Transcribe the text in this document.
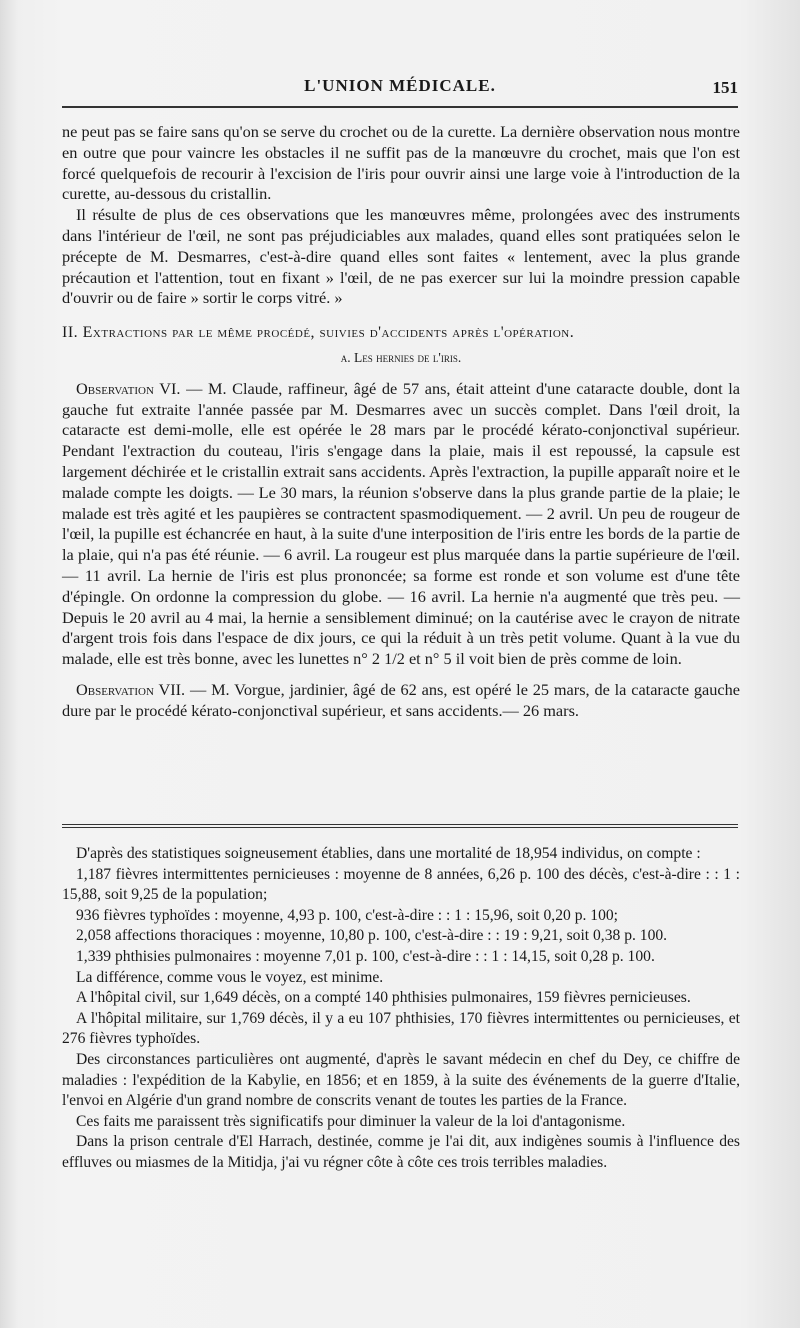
L'UNION MÉDICALE.	151

ne peut pas se faire sans qu'on se serve du crochet ou de la curette. La dernière observation nous montre en outre que pour vaincre les obstacles il ne suffit pas de la manœuvre du crochet, mais que l'on est forcé quelquefois de recourir à l'excision de l'iris pour ouvrir ainsi une large voie à l'introduction de la curette, au-dessous du cristallin.

Il résulte de plus de ces observations que les manœuvres même, prolongées avec des instruments dans l'intérieur de l'œil, ne sont pas préjudiciables aux malades, quand elles sont pratiquées selon le précepte de M. Desmarres, c'est-à-dire quand elles sont faites « lentement, avec la plus grande précaution et l'attention, tout en fixant » l'œil, de ne pas exercer sur lui la moindre pression capable d'ouvrir ou de faire » sortir le corps vitré. »

II. Extractions par le même procédé, suivies d'accidents après l'opération.

a. Les hernies de l'iris.

Observation VI. — M. Claude, raffineur, âgé de 57 ans, était atteint d'une cataracte double, dont la gauche fut extraite l'année passée par M. Desmarres avec un succès complet. Dans l'œil droit, la cataracte est demi-molle, elle est opérée le 28 mars par le procédé kérato-conjonctival supérieur. Pendant l'extraction du couteau, l'iris s'engage dans la plaie, mais il est repoussé, la capsule est largement déchirée et le cristallin extrait sans accidents. Après l'extraction, la pupille apparaît noire et le malade compte les doigts. — Le 30 mars, la réunion s'observe dans la plus grande partie de la plaie; le malade est très agité et les paupières se contractent spasmodiquement. — 2 avril. Un peu de rougeur de l'œil, la pupille est échancrée en haut, à la suite d'une interposition de l'iris entre les bords de la partie de la plaie, qui n'a pas été réunie. — 6 avril. La rougeur est plus marquée dans la partie supérieure de l'œil. — 11 avril. La hernie de l'iris est plus prononcée; sa forme est ronde et son volume est d'une tête d'épingle. On ordonne la compression du globe. — 16 avril. La hernie n'a augmenté que très peu. — Depuis le 20 avril au 4 mai, la hernie a sensiblement diminué; on la cautérise avec le crayon de nitrate d'argent trois fois dans l'espace de dix jours, ce qui la réduit à un très petit volume. Quant à la vue du malade, elle est très bonne, avec les lunettes n° 2 1/2 et n° 5 il voit bien de près comme de loin.

Observation VII. — M. Vorgue, jardinier, âgé de 62 ans, est opéré le 25 mars, de la cataracte gauche dure par le procédé kérato-conjonctival supérieur, et sans accidents.— 26 mars.

D'après des statistiques soigneusement établies, dans une mortalité de 18,954 individus, on compte :

1,187 fièvres intermittentes pernicieuses : moyenne de 8 années, 6,26 p. 100 des décès, c'est-à-dire : : 1 : 15,88, soit 9,25 de la population;

936 fièvres typhoïdes : moyenne, 4,93 p. 100, c'est-à-dire : : 1 : 15,96, soit 0,20 p. 100;

2,058 affections thoraciques : moyenne, 10,80 p. 100, c'est-à-dire : : 19 : 9,21, soit 0,38 p. 100.

1,339 phthisies pulmonaires : moyenne 7,01 p. 100, c'est-à-dire : : 1 : 14,15, soit 0,28 p. 100.

La différence, comme vous le voyez, est minime.

A l'hôpital civil, sur 1,649 décès, on a compté 140 phthisies pulmonaires, 159 fièvres pernicieuses.

A l'hôpital militaire, sur 1,769 décès, il y a eu 107 phthisies, 170 fièvres intermittentes ou pernicieuses, et 276 fièvres typhoïdes.

Des circonstances particulières ont augmenté, d'après le savant médecin en chef du Dey, ce chiffre de maladies : l'expédition de la Kabylie, en 1856; et en 1859, à la suite des événements de la guerre d'Italie, l'envoi en Algérie d'un grand nombre de conscrits venant de toutes les parties de la France.

Ces faits me paraissent très significatifs pour diminuer la valeur de la loi d'antagonisme.

Dans la prison centrale d'El Harrach, destinée, comme je l'ai dit, aux indigènes soumis à l'influence des effluves ou miasmes de la Mitidja, j'ai vu régner côte à côte ces trois terribles maladies.
